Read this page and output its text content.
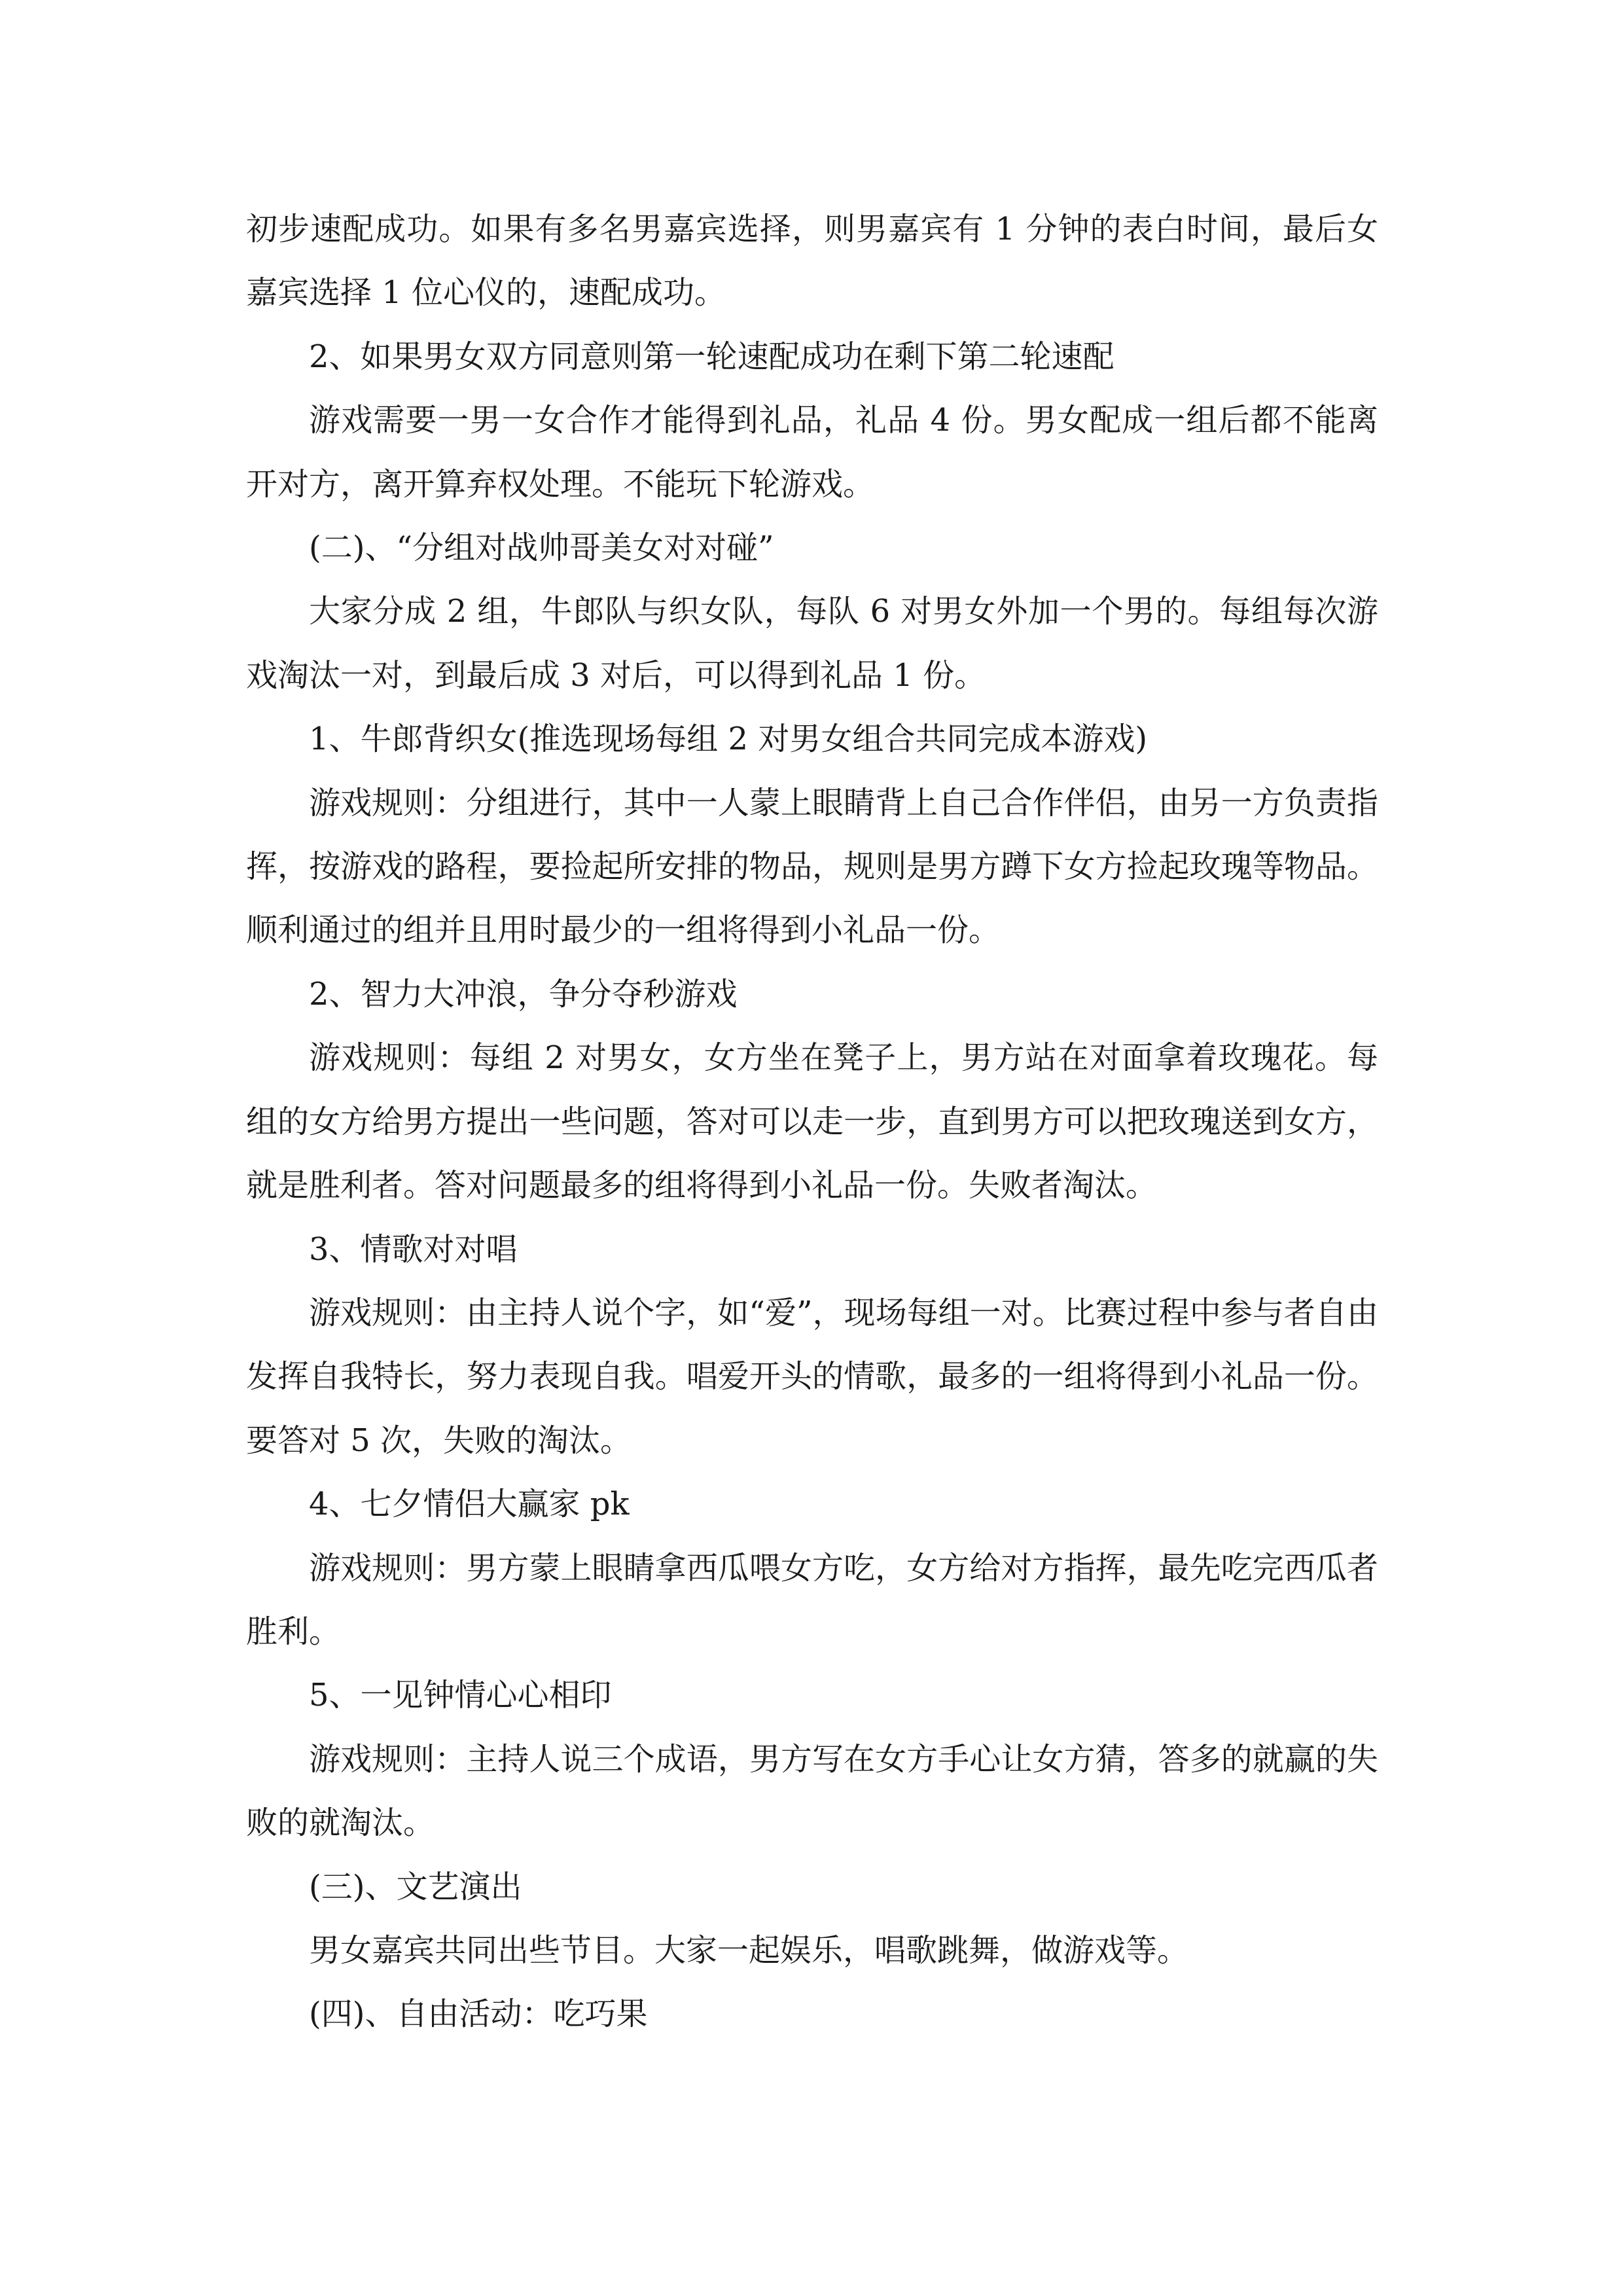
初步速配成功。如果有多名男嘉宾选择，则男嘉宾有 1 分钟的表白时间，最后女嘉宾选择 1 位心仪的，速配成功。

2、如果男女双方同意则第一轮速配成功在剩下第二轮速配

游戏需要一男一女合作才能得到礼品，礼品 4 份。男女配成一组后都不能离开对方，离开算弃权处理。不能玩下轮游戏。

(二)、“分组对战帅哥美女对对碰”

大家分成 2 组，牛郎队与织女队，每队 6 对男女外加一个男的。每组每次游戏淘汰一对，到最后成 3 对后，可以得到礼品 1 份。

1、牛郎背织女(推选现场每组 2 对男女组合共同完成本游戏)

游戏规则：分组进行，其中一人蒙上眼睛背上自己合作伴侣，由另一方负责指挥，按游戏的路程，要捡起所安排的物品，规则是男方蹲下女方捡起玫瑰等物品。顺利通过的组并且用时最少的一组将得到小礼品一份。

2、智力大冲浪，争分夺秒游戏

游戏规则：每组 2 对男女，女方坐在凳子上，男方站在对面拿着玫瑰花。每组的女方给男方提出一些问题，答对可以走一步，直到男方可以把玫瑰送到女方，就是胜利者。答对问题最多的组将得到小礼品一份。失败者淘汰。

3、情歌对对唱

游戏规则：由主持人说个字，如“爱”，现场每组一对。比赛过程中参与者自由发挥自我特长，努力表现自我。唱爱开头的情歌，最多的一组将得到小礼品一份。要答对 5 次，失败的淘汰。

4、七夕情侣大赢家 pk

游戏规则：男方蒙上眼睛拿西瓜喂女方吃，女方给对方指挥，最先吃完西瓜者胜利。

5、一见钟情心心相印

游戏规则：主持人说三个成语，男方写在女方手心让女方猜，答多的就赢的失败的就淘汰。

(三)、文艺演出

男女嘉宾共同出些节目。大家一起娱乐，唱歌跳舞，做游戏等。

(四)、自由活动：吃巧果
